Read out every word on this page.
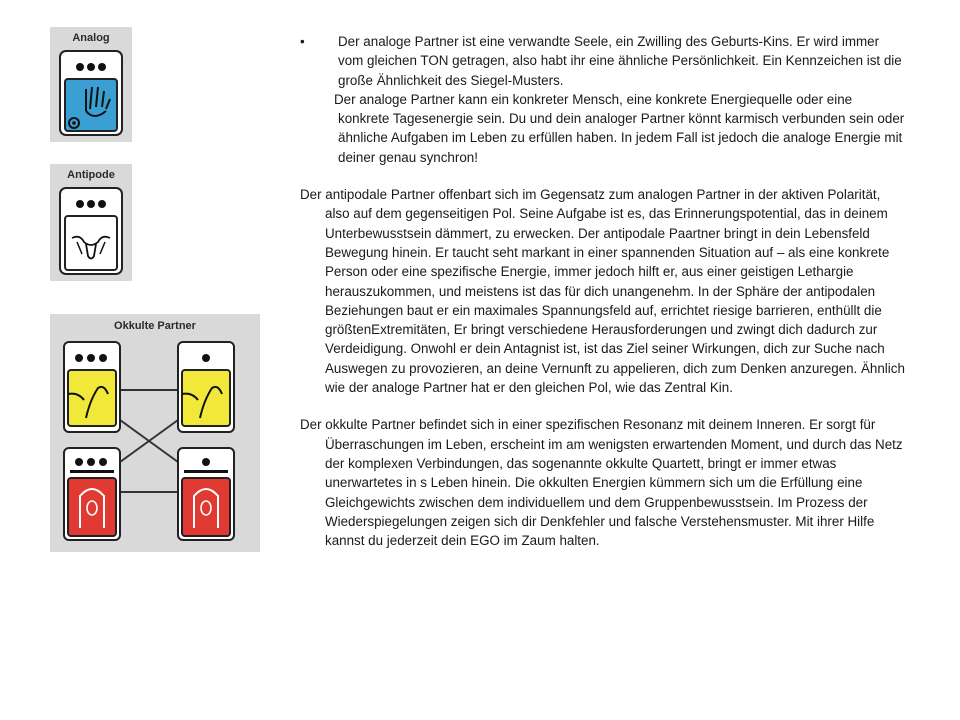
Analog
Antipode
Okkulte Partner

• Der analoge Partner ist eine verwandte Seele, ein Zwilling des Geburts-Kins. Er wird immer vom gleichen TON getragen, also habt ihr eine ähnliche Persönlichkeit. Ein Kennzeichen ist die große Ähnlichkeit des Siegel-Musters.

Der analoge Partner kann ein konkreter Mensch, eine konkrete Energiequelle oder eine konkrete Tagesenergie sein. Du und dein analoger Partner könnt karmisch verbunden sein oder ähnliche Aufgaben im Leben zu erfüllen haben. In jedem Fall ist jedoch die analoge Energie mit deiner genau synchron!

Der antipodale Partner offenbart sich im Gegensatz zum analogen Partner in der aktiven Polarität, also auf dem gegenseitigen Pol. Seine Aufgabe ist es, das Erinnerungspotential, das in deinem Unterbewusstsein dämmert, zu erwecken. Der antipodale Paartner bringt in dein Lebensfeld Bewegung hinein. Er taucht seht markant in einer spannenden Situation auf – als eine konkrete Person oder eine spezifische Energie, immer jedoch hilft er, aus einer geistigen Lethargie herauszukommen, und meistens ist das für dich unangenehm. In der Sphäre der antipodalen Beziehungen baut er ein maximales Spannungsfeld auf, errichtet riesige barrieren, enthüllt die größtenExtremitäten, Er bringt verschiedene Herausforderungen und zwingt dich dadurch zur Verdeidigung. Onwohl er dein Antagnist ist, ist das Ziel seiner Wirkungen, dich zur Suche nach Auswegen zu provozieren, an deine Vernunft zu appelieren, dich zum Denken anzuregen. Ähnlich wie der analoge Partner hat er den gleichen Pol, wie das Zentral Kin.

Der okkulte Partner befindet sich in einer spezifischen Resonanz mit deinem Inneren. Er sorgt für Überraschungen im Leben, erscheint im am wenigsten erwartenden Moment, und durch das Netz der komplexen Verbindungen, das sogenannte okkulte Quartett, bringt er immer etwas unerwartetes in s Leben hinein. Die okkulten Energien kümmern sich um die Erfüllung eine Gleichgewichts zwischen dem individuellem und dem Gruppenbewusstsein. Im Prozess der Wiederspiegelungen zeigen sich dir Denkfehler und falsche Verstehensmuster. Mit ihrer Hilfe kannst du jederzeit dein EGO im Zaum halten.
